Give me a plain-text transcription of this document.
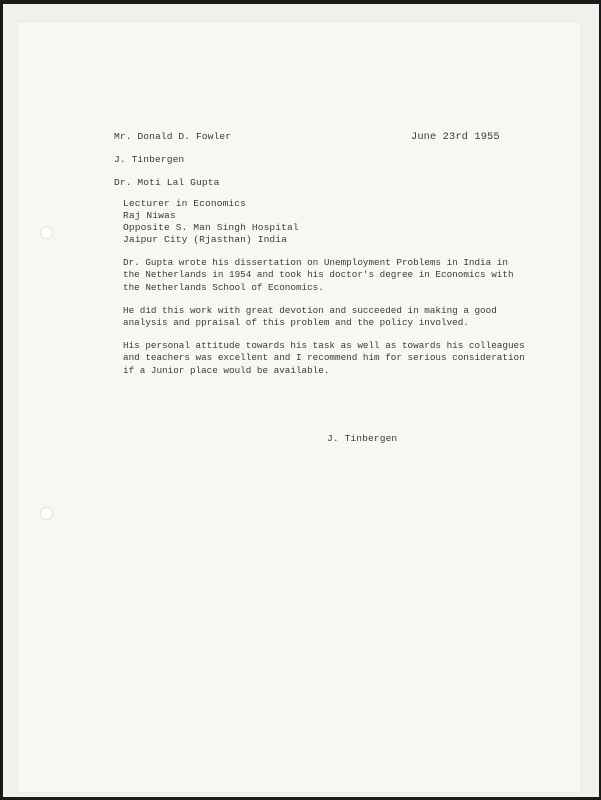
Mr. Donald D. Fowler	June 23rd 1955
J. Tinbergen
Dr. Moti Lal Gupta
Lecturer in Economics
Raj Niwas
Opposite S. Man Singh Hospital
Jaipur City (Rjasthan) India
Dr. Gupta wrote his dissertation on Unemployment Problems in India in
the Netherlands in 1954 and took his doctor's degree in Economics with
the Netherlands School of Economics.
He did this work with great devotion and succeeded in making a good
analysis and ppraisal of this problem and the policy involved.
His personal attitude towards his task as well as towards his colleagues
and teachers was excellent and I recommend him for serious consideration
if a Junior place would be available.
J. Tinbergen
